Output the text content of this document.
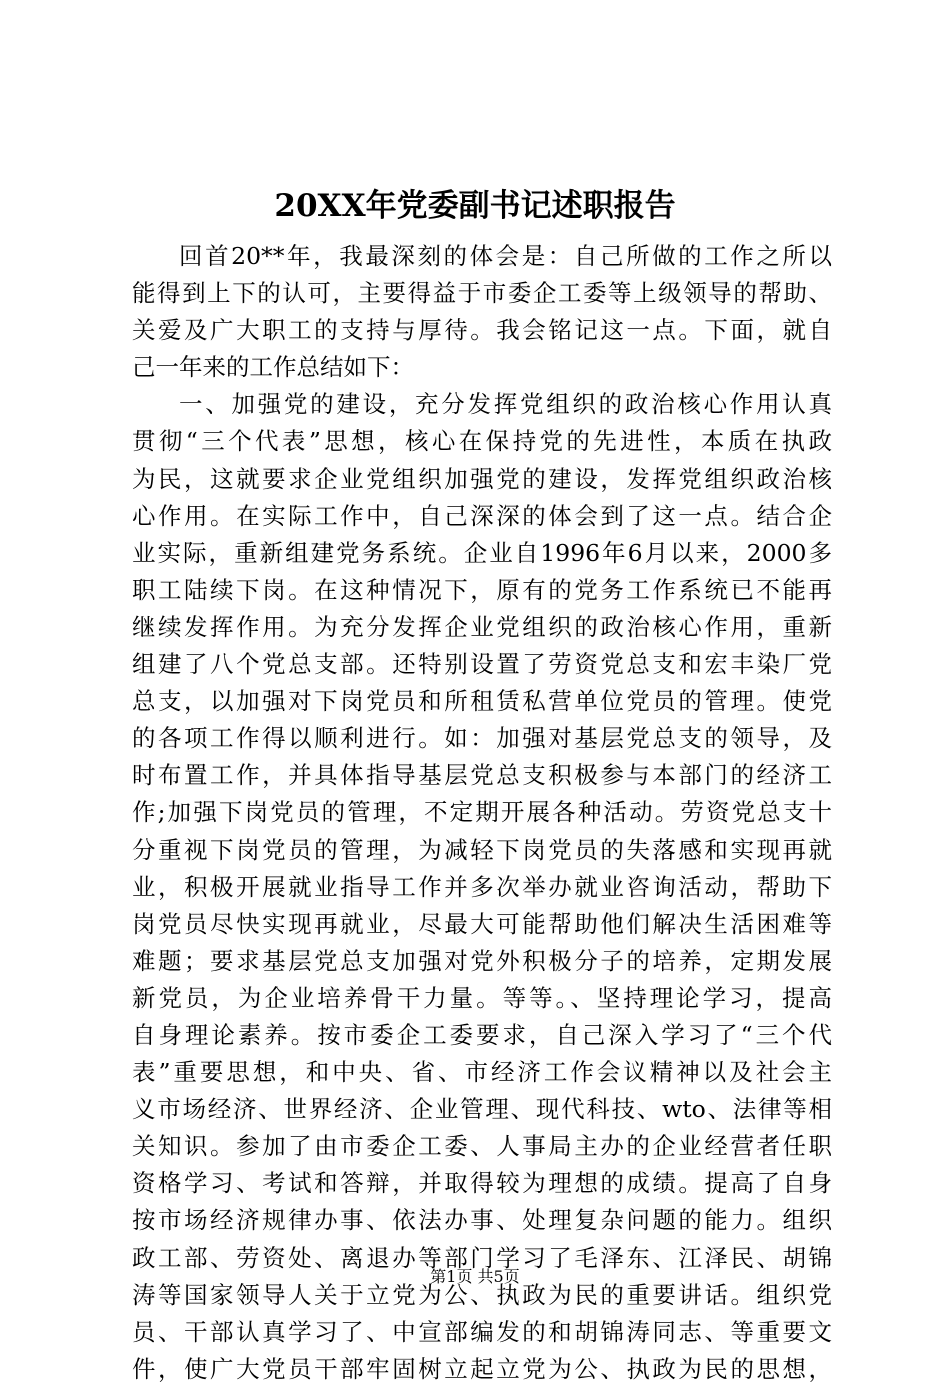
20XX年党委副书记述职报告
回首20**年，我最深刻的体会是：自己所做的工作之所以
能得到上下的认可，主要得益于市委企工委等上级领导的帮助、
关爱及广大职工的支持与厚待。我会铭记这一点。下面，就自
己一年来的工作总结如下：
一、加强党的建设，充分发挥党组织的政治核心作用认真
贯彻“三个代表”思想，核心在保持党的先进性，本质在执政
为民，这就要求企业党组织加强党的建设，发挥党组织政治核
心作用。在实际工作中，自己深深的体会到了这一点。结合企
业实际，重新组建党务系统。企业自1996年6月以来，2000多
职工陆续下岗。在这种情况下，原有的党务工作系统已不能再
继续发挥作用。为充分发挥企业党组织的政治核心作用，重新
组建了八个党总支部。还特别设置了劳资党总支和宏丰染厂党
总支，以加强对下岗党员和所租赁私营单位党员的管理。使党
的各项工作得以顺利进行。如：加强对基层党总支的领导，及
时布置工作，并具体指导基层党总支积极参与本部门的经济工
作;加强下岗党员的管理，不定期开展各种活动。劳资党总支十
分重视下岗党员的管理，为减轻下岗党员的失落感和实现再就
业，积极开展就业指导工作并多次举办就业咨询活动，帮助下
岗党员尽快实现再就业，尽最大可能帮助他们解决生活困难等
难题；要求基层党总支加强对党外积极分子的培养，定期发展
新党员，为企业培养骨干力量。等等。、坚持理论学习，提高
自身理论素养。按市委企工委要求，自己深入学习了“三个代
表”重要思想，和中央、省、市经济工作会议精神以及社会主
义市场经济、世界经济、企业管理、现代科技、wto、法律等相
关知识。参加了由市委企工委、人事局主办的企业经营者任职
资格学习、考试和答辩，并取得较为理想的成绩。提高了自身
按市场经济规律办事、依法办事、处理复杂问题的能力。组织
政工部、劳资处、离退办等部门学习了毛泽东、江泽民、胡锦
涛等国家领导人关于立党为公、执政为民的重要讲话。组织党
员、干部认真学习了、中宣部编发的和胡锦涛同志、等重要文
件，使广大党员干部牢固树立起立党为公、执政为民的思想，
第1页 共5页
